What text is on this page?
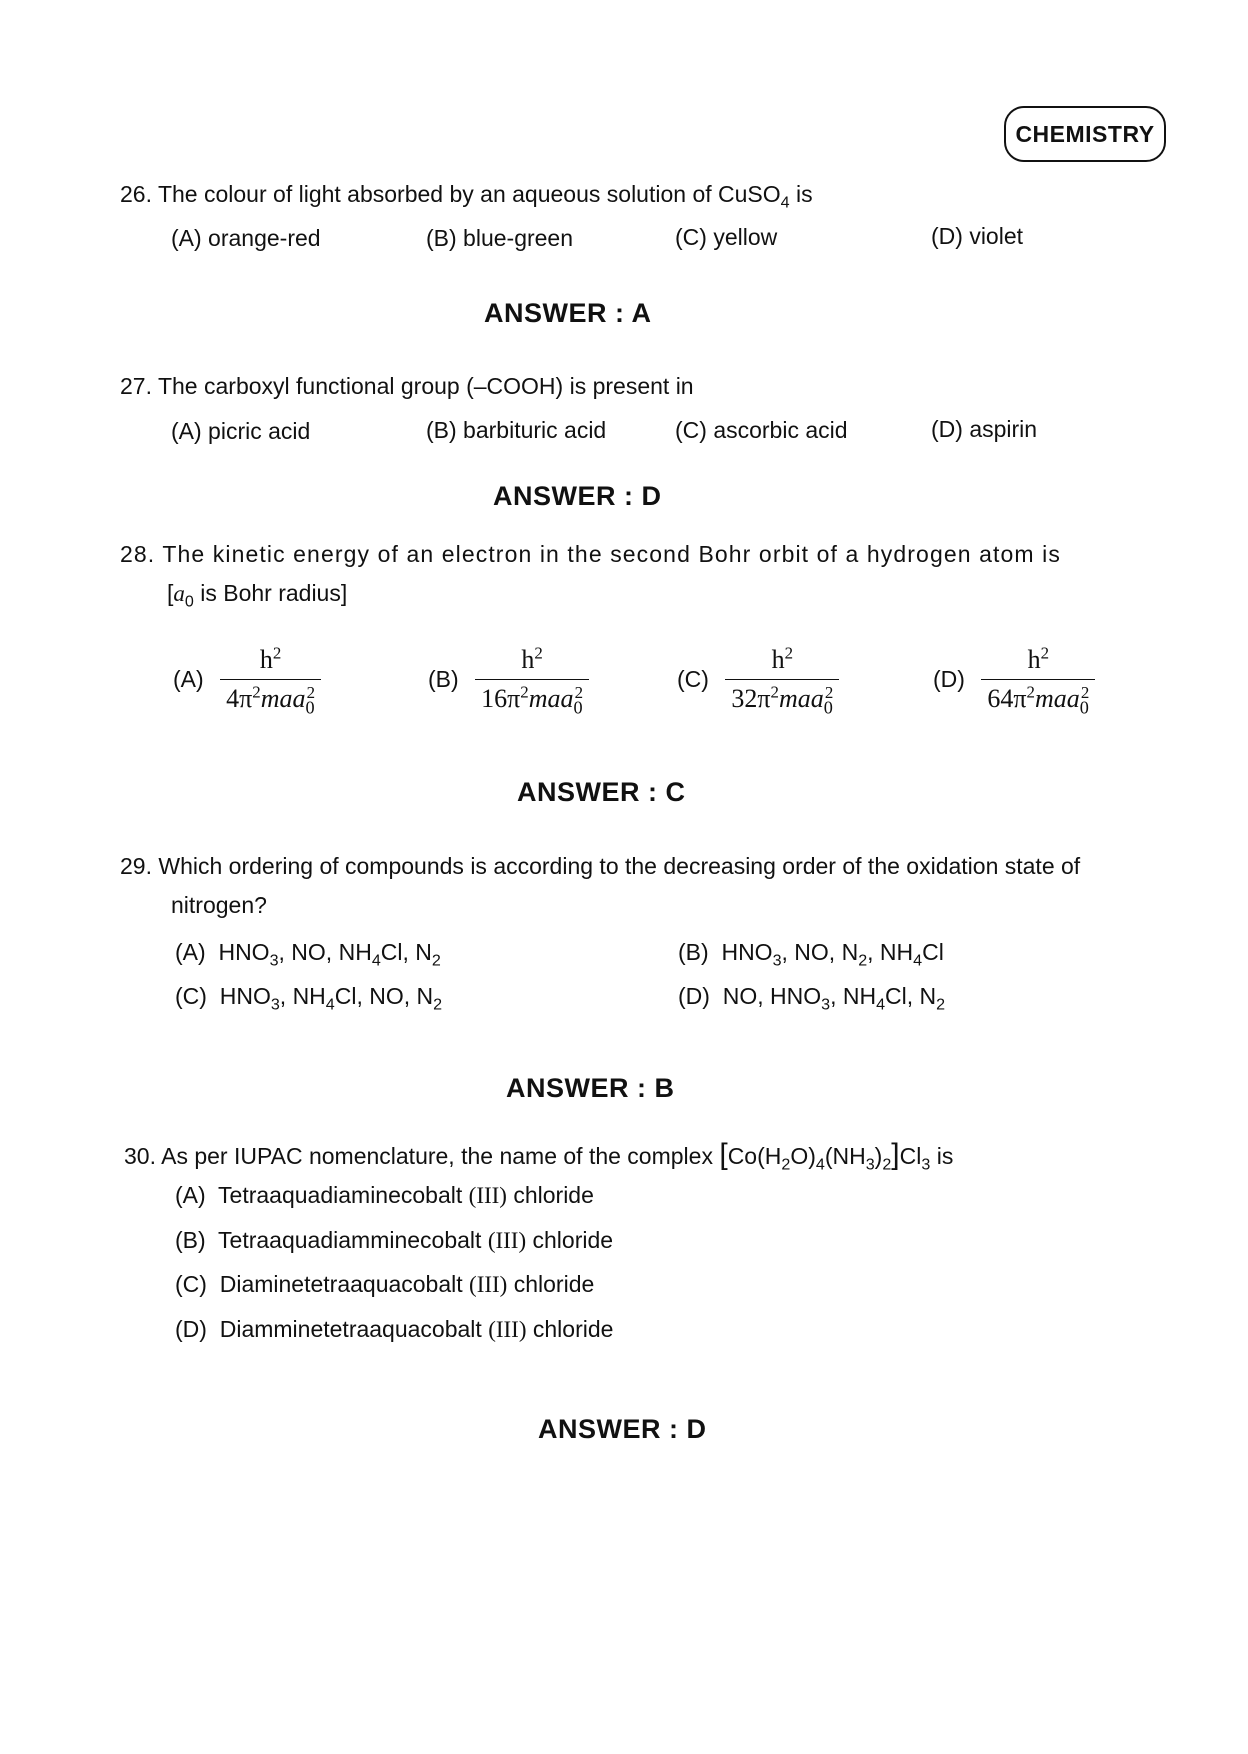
CHEMISTRY
26. The colour of light absorbed by an aqueous solution of CuSO$_4$ is
(A) orange-red	(B) blue-green	(C) yellow	(D) violet
ANSWER : A
27. The carboxyl functional group (–COOH) is present in
(A) picric acid	(B) barbituric acid	(C) ascorbic acid	(D) aspirin
ANSWER : D
28. The kinetic energy of an electron in the second Bohr orbit of a hydrogen atom is
[$a_0$ is Bohr radius]
$(A) \frac{h^2}{4\pi^2maa_0^2}$	$(B) \frac{h^2}{16\pi^2maa_0^2}$	$(C) \frac{h^2}{32\pi^2maa_0^2}$	$(D) \frac{h^2}{64\pi^2maa_0^2}$
ANSWER : C
29. Which ordering of compounds is according to the decreasing order of the oxidation state of
nitrogen?
(A) $HNO_3$, NO, $NH_4Cl$, $N_2$	(B) $HNO_3$, NO, $N_2$, $NH_4Cl$
(C) $HNO_3$, $NH_4Cl$, NO, $N_2$	(D) NO, $HNO_3$, $NH_4Cl$, $N_2$
ANSWER : B
30. As per IUPAC nomenclature, the name of the complex $[Co(H_2O)_4(NH_3)_2]Cl_3$ is
(A) Tetraaquadiaminecobalt (III) chloride
(B) Tetraaquadiamminecobalt (III) chloride
(C) Diaminetetraaquacobalt (III) chloride
(D) Diamminetetraaquacobalt (III) chloride
ANSWER : D
